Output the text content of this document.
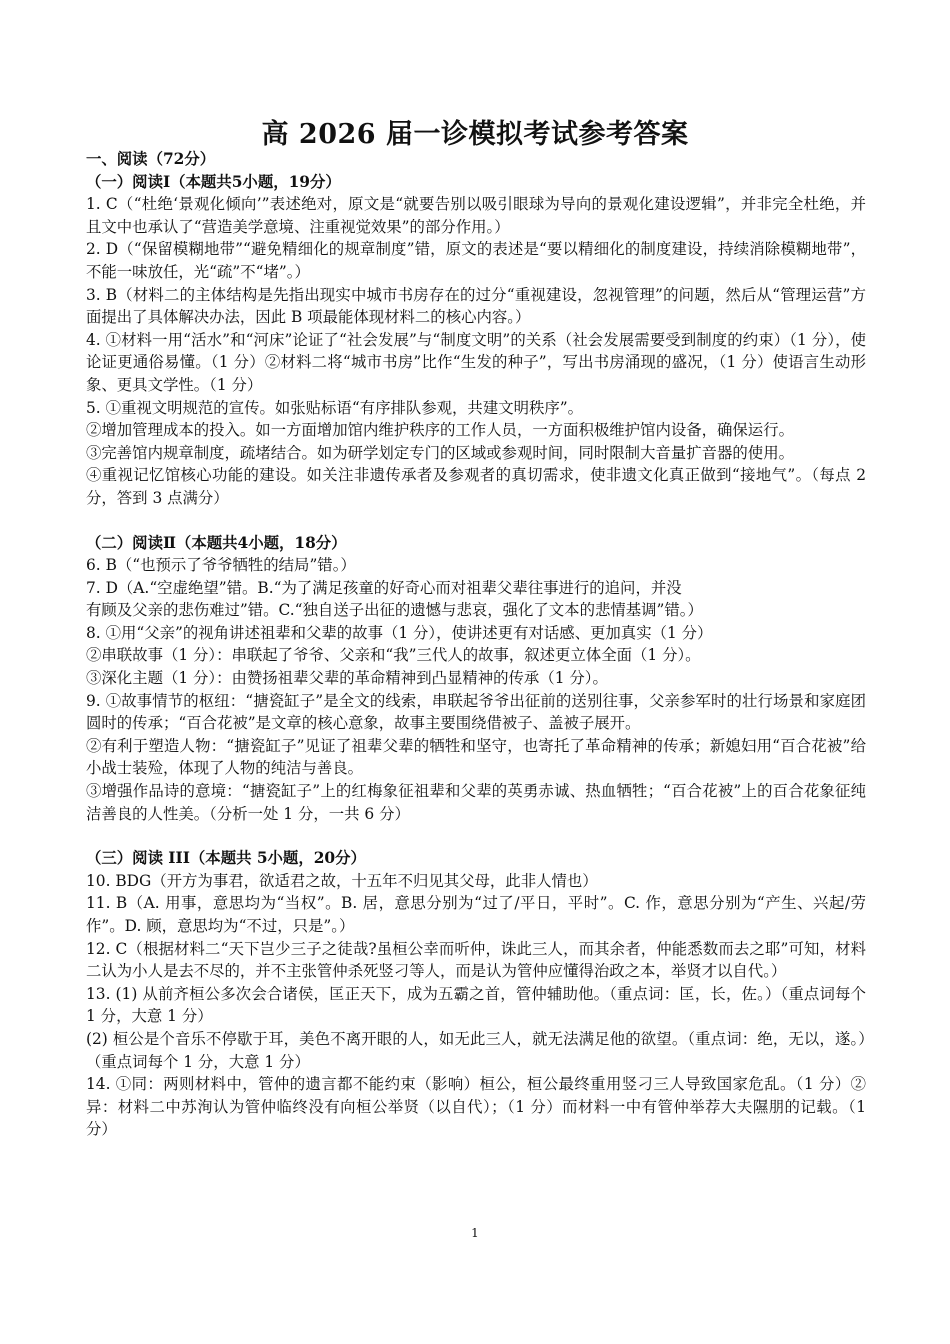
高 2026 届一诊模拟考试参考答案

一、阅读（72分）

（一）阅读Ⅰ（本题共5小题，19分）

1. C（“杜绝‘景观化倾向’”表述绝对，原文是“就要告别以吸引眼球为导向的景观化建设逻辑”，并非完全杜绝，并且文中也承认了“营造美学意境、注重视觉效果”的部分作用。）

2. D（“保留模糊地带”“避免精细化的规章制度”错，原文的表述是“要以精细化的制度建设，持续消除模糊地带”，不能一味放任，光“疏”不“堵”。）

3. B（材料二的主体结构是先指出现实中城市书房存在的过分“重视建设，忽视管理”的问题，然后从“管理运营”方面提出了具体解决办法，因此 B 项最能体现材料二的核心内容。）

4. ①材料一用“活水”和“河床”论证了“社会发展”与“制度文明”的关系（社会发展需要受到制度的约束）（1 分），使论证更通俗易懂。（1 分）②材料二将“城市书房”比作“生发的种子”，写出书房涌现的盛况，（1 分）使语言生动形象、更具文学性。（1 分）

5. ①重视文明规范的宣传。如张贴标语“有序排队参观，共建文明秩序”。

②增加管理成本的投入。如一方面增加馆内维护秩序的工作人员，一方面积极维护馆内设备，确保运行。

③完善馆内规章制度，疏堵结合。如为研学划定专门的区域或参观时间，同时限制大音量扩音器的使用。

④重视记忆馆核心功能的建设。如关注非遗传承者及参观者的真切需求，使非遗文化真正做到“接地气”。（每点 2 分，答到 3 点满分）

（二）阅读Ⅱ（本题共4小题，18分）

6. B（“也预示了爷爷牺牲的结局”错。）

7. D（A.“空虚绝望”错。B.“为了满足孩童的好奇心而对祖辈父辈往事进行的追问，并没

有顾及父亲的悲伤难过”错。C.“独自送子出征的遗憾与悲哀，强化了文本的悲情基调”错。）

8. ①用“父亲”的视角讲述祖辈和父辈的故事（1 分），使讲述更有对话感、更加真实（1 分）

②串联故事（1 分）：串联起了爷爷、父亲和“我”三代人的故事，叙述更立体全面（1 分）。

③深化主题（1 分）：由赞扬祖辈父辈的革命精神到凸显精神的传承（1 分）。

9. ①故事情节的枢纽：“搪瓷缸子”是全文的线索，串联起爷爷出征前的送别往事，父亲参军时的壮行场景和家庭团圆时的传承；“百合花被”是文章的核心意象，故事主要围绕借被子、盖被子展开。

②有利于塑造人物：“搪瓷缸子”见证了祖辈父辈的牺牲和坚守，也寄托了革命精神的传承；新媳妇用“百合花被”给小战士装殓，体现了人物的纯洁与善良。

③增强作品诗的意境：“搪瓷缸子”上的红梅象征祖辈和父辈的英勇赤诚、热血牺牲；“百合花被”上的百合花象征纯洁善良的人性美。（分析一处 1 分，一共 6 分）

（三）阅读 III（本题共 5小题，20分）

10. BDG（开方为事君，欲适君之故，十五年不归见其父母，此非人情也）

11. B（A. 用事，意思均为“当权”。B. 居，意思分别为“过了/平日，平时”。C. 作，意思分别为“产生、兴起/劳作”。D. 顾，意思均为“不过，只是”。）

12. C（根据材料二“天下岂少三子之徒哉?虽桓公幸而听仲，诛此三人，而其余者，仲能悉数而去之耶”可知，材料二认为小人是去不尽的，并不主张管仲杀死竖刁等人，而是认为管仲应懂得治政之本，举贤才以自代。）

13. (1) 从前齐桓公多次会合诸侯，匡正天下，成为五霸之首，管仲辅助他。（重点词：匡，长，佐。）（重点词每个 1 分，大意 1 分）

(2) 桓公是个音乐不停歇于耳，美色不离开眼的人，如无此三人，就无法满足他的欲望。（重点词：绝，无以，遂。）（重点词每个 1 分，大意 1 分）

14. ①同：两则材料中，管仲的遗言都不能约束（影响）桓公，桓公最终重用竖刁三人导致国家危乱。（1 分）②异：材料二中苏洵认为管仲临终没有向桓公举贤（以自代）；（1 分）而材料一中有管仲举荐大夫隰朋的记载。（1 分）

1
